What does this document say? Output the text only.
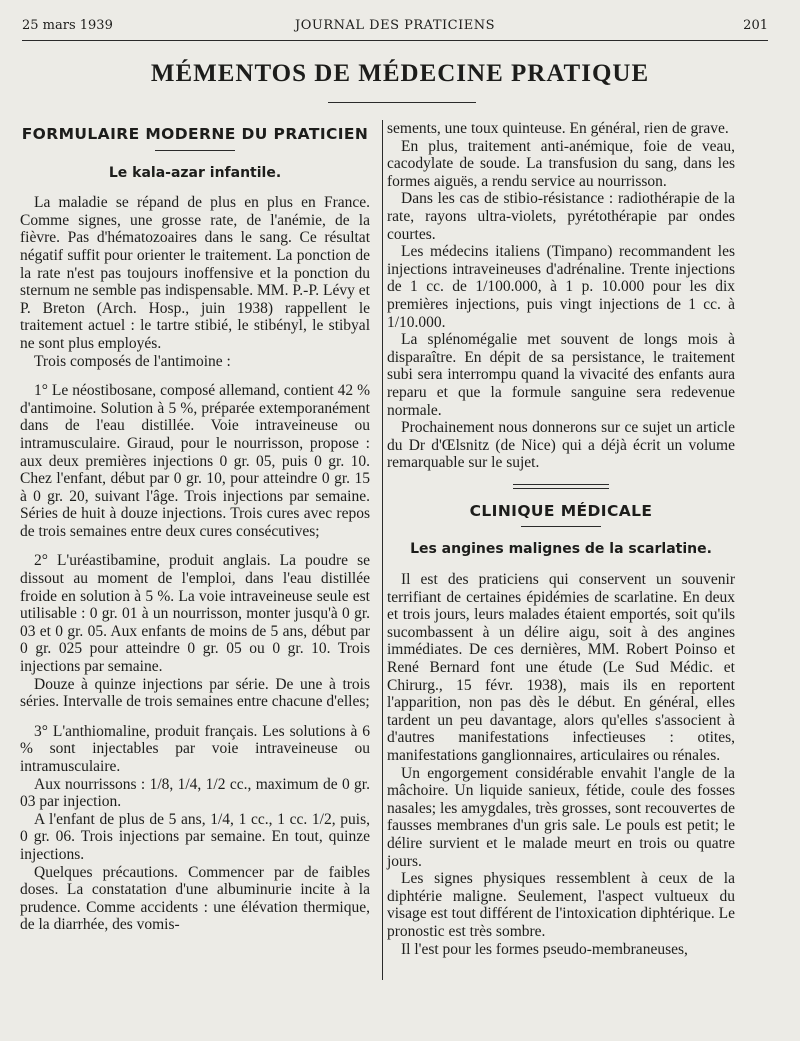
25 mars 1939	JOURNAL DES PRATICIENS	201
MÉMENTOS DE MÉDECINE PRATIQUE
FORMULAIRE MODERNE DU PRATICIEN
Le kala-azar infantile.

La maladie se répand de plus en plus en France. Comme signes, une grosse rate, de l'anémie, de la fièvre. Pas d'hématozoaires dans le sang. Ce résultat négatif suffit pour orienter le traitement. La ponction de la rate n'est pas toujours inoffensive et la ponction du sternum ne semble pas indispensable. MM. P.-P. Lévy et P. Breton (Arch. Hosp., juin 1938) rappellent le traitement actuel : le tartre stibié, le stibényl, le stibyal ne sont plus employés.

Trois composés de l'antimoine :

1° Le néostibosane, composé allemand, contient 42 % d'antimoine. Solution à 5 %, préparée extemporanément dans de l'eau distillée. Voie intraveineuse ou intramusculaire. Giraud, pour le nourrisson, propose : aux deux premières injections 0 gr. 05, puis 0 gr. 10. Chez l'enfant, début par 0 gr. 10, pour atteindre 0 gr. 15 à 0 gr. 20, suivant l'âge. Trois injections par semaine. Séries de huit à douze injections. Trois cures avec repos de trois semaines entre deux cures consécutives;

2° L'uréastibamine, produit anglais. La poudre se dissout au moment de l'emploi, dans l'eau distillée froide en solution à 5 %. La voie intraveineuse seule est utilisable : 0 gr. 01 à un nourrisson, monter jusqu'à 0 gr. 03 et 0 gr. 05. Aux enfants de moins de 5 ans, début par 0 gr. 025 pour atteindre 0 gr. 05 ou 0 gr. 10. Trois injections par semaine.

Douze à quinze injections par série. De une à trois séries. Intervalle de trois semaines entre chacune d'elles;

3° L'anthiomaline, produit français. Les solutions à 6 % sont injectables par voie intraveineuse ou intramusculaire.

Aux nourrissons : 1/8, 1/4, 1/2 cc., maximum de 0 gr. 03 par injection.

A l'enfant de plus de 5 ans, 1/4, 1 cc., 1 cc. 1/2, puis, 0 gr. 06. Trois injections par semaine. En tout, quinze injections.

Quelques précautions. Commencer par de faibles doses. La constatation d'une albuminurie incite à la prudence. Comme accidents : une élévation thermique, de la diarrhée, des vomis-

sements, une toux quinteuse. En général, rien de grave.

En plus, traitement anti-anémique, foie de veau, cacodylate de soude. La transfusion du sang, dans les formes aiguës, a rendu service au nourrisson.

Dans les cas de stibio-résistance : radiothérapie de la rate, rayons ultra-violets, pyrétothérapie par ondes courtes.

Les médecins italiens (Timpano) recommandent les injections intraveineuses d'adrénaline. Trente injections de 1 cc. de 1/100.000, à 1 p. 10.000 pour les dix premières injections, puis vingt injections de 1 cc. à 1/10.000.

La splénomégalie met souvent de longs mois à disparaître. En dépit de sa persistance, le traitement subi sera interrompu quand la vivacité des enfants aura reparu et que la formule sanguine sera redevenue normale.

Prochainement nous donnerons sur ce sujet un article du Dr d'Œlsnitz (de Nice) qui a déjà écrit un volume remarquable sur le sujet.

CLINIQUE MÉDICALE
Les angines malignes de la scarlatine.

Il est des praticiens qui conservent un souvenir terrifiant de certaines épidémies de scarlatine. En deux et trois jours, leurs malades étaient emportés, soit qu'ils sucombassent à un délire aigu, soit à des angines immédiates. De ces dernières, MM. Robert Poinso et René Bernard font une étude (Le Sud Médic. et Chirurg., 15 févr. 1938), mais ils en reportent l'apparition, non pas dès le début. En général, elles tardent un peu davantage, alors qu'elles s'associent à d'autres manifestations infectieuses : otites, manifestations ganglionnaires, articulaires ou rénales.

Un engorgement considérable envahit l'angle de la mâchoire. Un liquide sanieux, fétide, coule des fosses nasales; les amygdales, très grosses, sont recouvertes de fausses membranes d'un gris sale. Le pouls est petit; le délire survient et le malade meurt en trois ou quatre jours.

Les signes physiques ressemblent à ceux de la diphtérie maligne. Seulement, l'aspect vultueux du visage est tout différent de l'intoxication diphtérique. Le pronostic est très sombre.

Il l'est pour les formes pseudo-membraneuses,
